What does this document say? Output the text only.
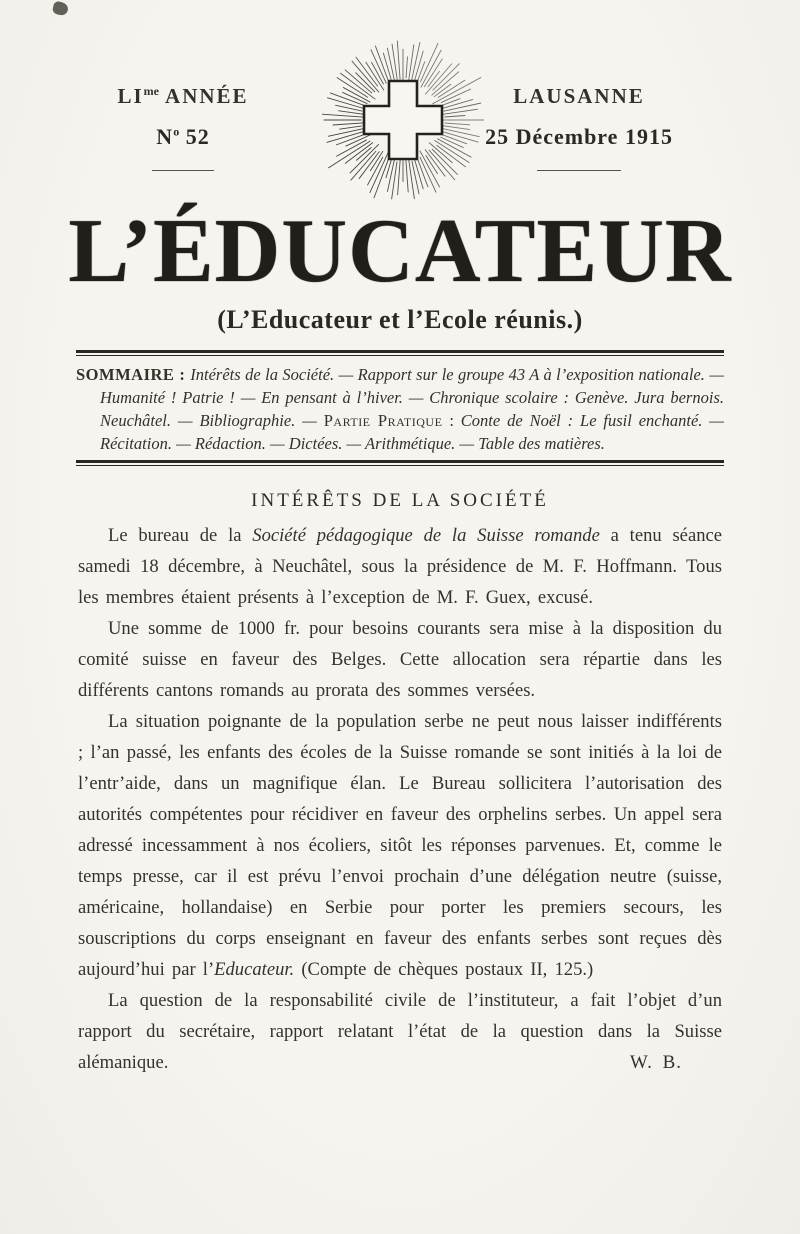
$LI^{me}$ ANNÉE
$N^o$ 52
LAUSANNE
25 Décembre 1915
L’ÉDUCATEUR
(L’Educateur et l’Ecole réunis.)
SOMMAIRE : Intérêts de la Société. — Rapport sur le groupe 43 A à l’exposition nationale. — Humanité ! Patrie ! — En pensant à l’hiver. — Chronique scolaire : Genève. Jura bernois. Neuchâtel. — Bibliographie. — Partie Pratique : Conte de Noël : Le fusil enchanté. — Récitation. — Rédaction. — Dictées. — Arithmétique. — Table des matières.
INTÉRÊTS DE LA SOCIÉTÉ

Le bureau de la Société pédagogique de la Suisse romande a tenu séance samedi 18 décembre, à Neuchâtel, sous la présidence de M. F. Hoffmann. Tous les membres étaient présents à l’exception de M. F. Guex, excusé.

Une somme de 1000 fr. pour besoins courants sera mise à la disposition du comité suisse en faveur des Belges. Cette allocation sera répartie dans les différents cantons romands au prorata des sommes versées.

La situation poignante de la population serbe ne peut nous laisser indifférents ; l’an passé, les enfants des écoles de la Suisse romande se sont initiés à la loi de l’entr’aide, dans un magnifique élan. Le Bureau sollicitera l’autorisation des autorités compétentes pour récidiver en faveur des orphelins serbes. Un appel sera adressé incessamment à nos écoliers, sitôt les réponses parvenues. Et, comme le temps presse, car il est prévu l’envoi prochain d’une délégation neutre (suisse, américaine, hollandaise) en Serbie pour porter les premiers secours, les souscriptions du corps enseignant en faveur des enfants serbes sont reçues dès aujourd’hui par l’Educateur. (Compte de chèques postaux II, 125.)

La question de la responsabilité civile de l’instituteur, a fait l’objet d’un rapport du secrétaire, rapport relatant l’état de la question dans la Suisse alémanique.	W. B.
